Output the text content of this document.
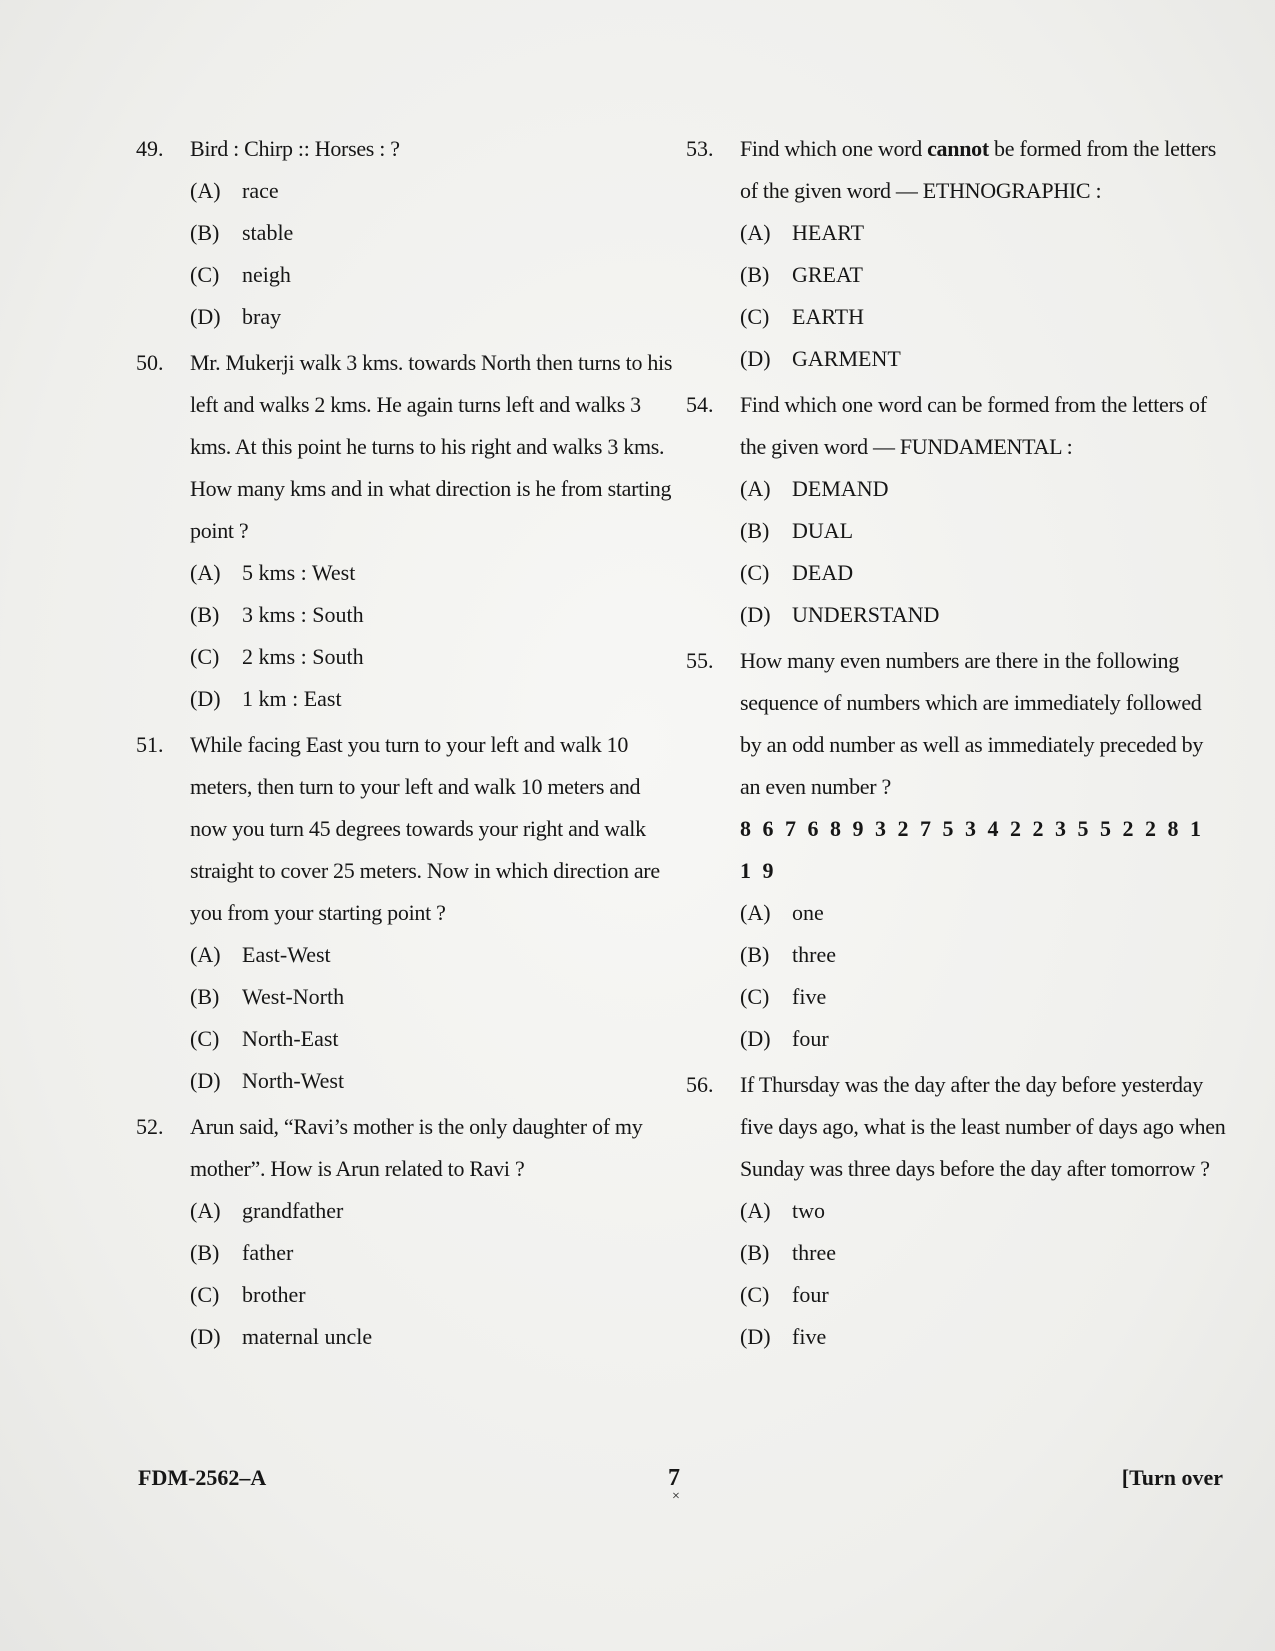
49.	Bird : Chirp :: Horses : ?
(A) race
(B)	stable
(C)	neigh
(D) bray
50.	Mr. Mukerji walk 3 kms. towards North then turns to his left and walks 2 kms. He again turns left and walks 3 kms. At this point he turns to his right and walks 3 kms. How many kms and in what direction is he from starting point ?
(A) 5 kms : West
(B)	3 kms : South
(C)	2 kms : South
(D) 1 km : East
51.	While facing East you turn to your left and walk 10 meters, then turn to your left and walk 10 meters and now you turn 45 degrees towards your right and walk straight to cover 25 meters. Now in which direction are you from your starting point ?
(A) East-West
(B)	West-North
(C)	North-East
(D) North-West
52.	Arun said, “Ravi’s mother is the only daughter of my mother”. How is Arun related to Ravi ?
(A) grandfather
(B)	father
(C)	brother
(D) maternal uncle
53.	Find which one word cannot be formed from the letters of the given word — ETHNOGRAPHIC :
(A) HEART
(B)	GREAT
(C)	EARTH
(D) GARMENT
54.	Find which one word can be formed from the letters of the given word — FUNDAMENTAL :
(A) DEMAND
(B)	DUAL
(C)	DEAD
(D) UNDERSTAND
55.	How many even numbers are there in the following sequence of numbers which are immediately followed by an odd number as well as immediately preceded by an even number ?
8 6 7 6 8 9 3 2 7 5 3 4 2 2 3 5 5 2 2 8 1 1 9
(A) one
(B)	three
(C)	five
(D) four
56.	If Thursday was the day after the day before yesterday five days ago, what is the least number of days ago when Sunday was three days before the day after tomorrow ?
(A) two
(B)	three
(C)	four
(D) five
FDM-2562–A	7
×
[Turn over
